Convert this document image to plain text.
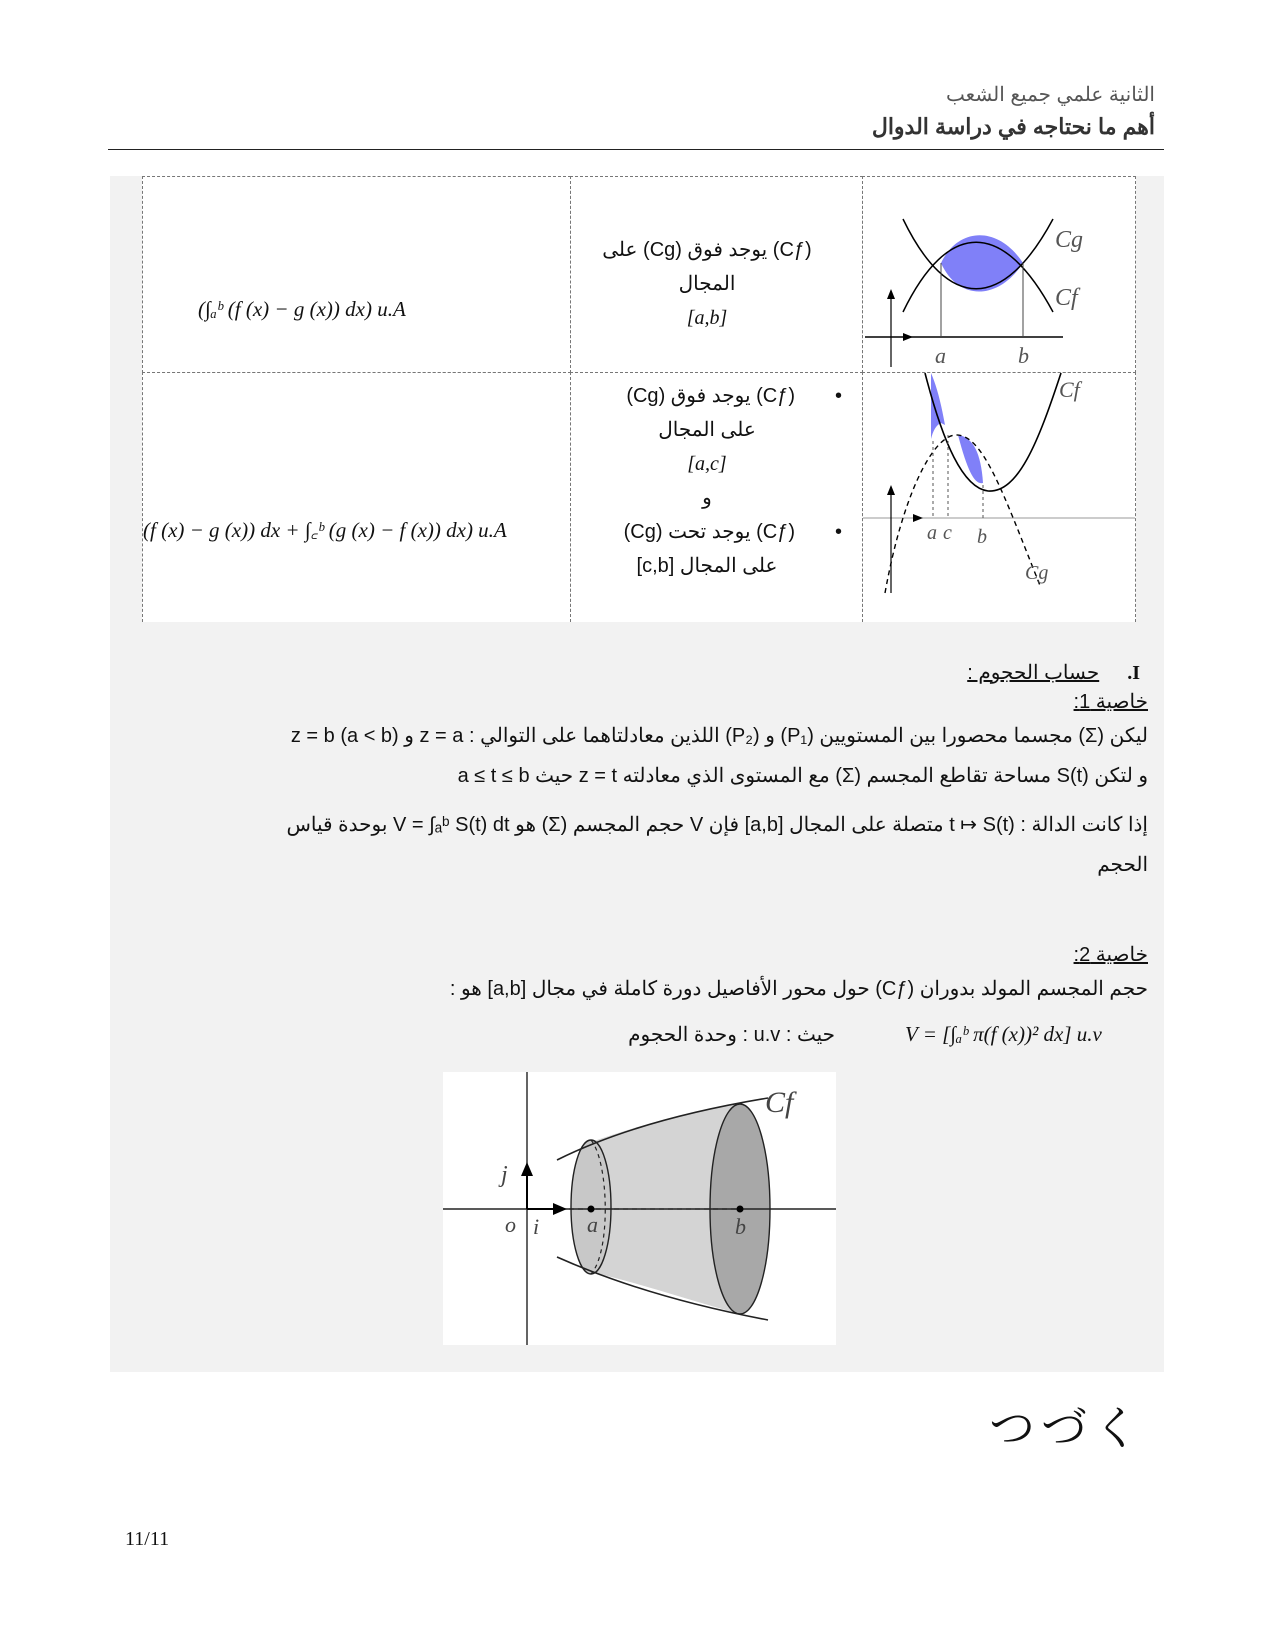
الثانية علمي جميع الشعب
أهم ما نحتاجه في دراسة الدوال
(∫ₐᵇ (f (x) − g (x)) dx) u.A
(Cƒ) يوجد فوق (Cg) على
المجال
[a,b]
Cg
Cf
a	b
(f (x) − g (x)) dx + ∫꜀ᵇ (g (x) − f (x)) dx) u.A
•(Cƒ) يوجد فوق (Cg)
على المجال
[a,c]
و
•(Cƒ) يوجد تحت (Cg)
على المجال [c,b]
Cf
a c b
Cg
I.حساب الحجوم :
خاصية 1:
ليكن (Σ) مجسما محصورا بين المستويين (P₁) و (P₂) اللذين معادلتاهما على التوالي : z = a و z = b (a < b)
و لتكن S(t) مساحة تقاطع المجسم (Σ) مع المستوى الذي معادلته z = t حيث a ≤ t ≤ b
إذا كانت الدالة : t ↦ S(t) متصلة على المجال [a,b] فإن V حجم المجسم (Σ) هو V = ∫ₐᵇ S(t) dt بوحدة قياس
الحجم
خاصية 2:
حجم المجسم المولد بدوران (Cƒ) حول محور الأفاصيل دورة كاملة في مجال [a,b] هو :
V = [∫ₐᵇ π(f (x))² dx] u.v
حيث : u.v : وحدة الحجوم
Cf
j
o i a	b
つづく
11/11
